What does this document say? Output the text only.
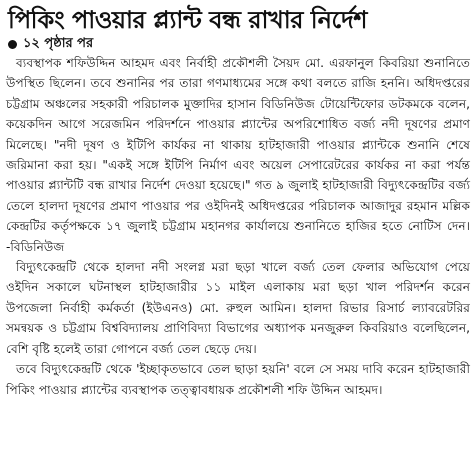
পিকিং পাওয়ার প্ল্যান্ট বন্ধ রাখার নির্দেশ
১২ পৃষ্ঠার পর

ব্যবস্থাপক শফিউদ্দিন আহমদ এবং নির্বাহী প্রকৌশলী সৈয়দ মো. এরফানুল কিবরিয়া শুনানিতে উপস্থিত ছিলেন। তবে শুনানির পর তারা গণমাধ্যমের সঙ্গে কথা বলতে রাজি হননি। অধিদপ্তরের চট্টগ্রাম অঞ্চলের সহকারী পরিচালক মুক্তাদির হাসান বিডিনিউজ টোয়েন্টিফোর ডটকমকে বলেন, কয়েকদিন আগে সরেজমিন পরিদর্শনে পাওয়ার প্ল্যান্টের অপরিশোধিত বর্জ্য নদী দূষণের প্রমাণ মিলেছে। "নদী দূষণ ও ইটিপি কার্যকর না থাকায় হাটহাজারী পাওয়ার প্ল্যান্টকে শুনানি শেষে জরিমানা করা হয়। "একই সঙ্গে ইটিপি নির্মাণ এবং অয়েল সেপারেটরের কার্যকর না করা পর্যন্ত পাওয়ার প্ল্যান্টটি বন্ধ রাখার নির্দেশ দেওয়া হয়েছে।" গত ৯ জুলাই হাটহাজারী বিদ্যুৎকেন্দ্রটির বর্জ্য তেলে হালদা দূষণের প্রমাণ পাওয়ার পর ওইদিনই অধিদপ্তরের পরিচালক আজাদুর রহমান মল্লিক কেন্দ্রটির কর্তৃপক্ষকে ১৭ জুলাই চট্টগ্রাম মহানগর কার্যালয়ে শুনানিতে হাজির হতে নোটিস দেন। -বিডিনিউজ

বিদ্যুৎকেন্দ্রটি থেকে হালদা নদী সংলগ্ন মরা ছড়া খালে বর্জ্য তেল ফেলার অভিযোগ পেয়ে ওইদিন সকালে ঘটনাস্থল হাটহাজারীর ১১ মাইল এলাকায় মরা ছড়া খাল পরিদর্শন করেন উপজেলা নির্বাহী কর্মকর্তা (ইউএনও) মো. রুহুল আমিন। হালদা রিভার রিসার্চ ল্যাবরেটরির সমন্বয়ক ও চট্টগ্রাম বিশ্ববিদ্যালয় প্রাণিবিদ্যা বিভাগের অধ্যাপক মনজুরুল কিবরিয়াও বলেছিলেন, বেশি বৃষ্টি হলেই তারা গোপনে বর্জ্য তেল ছেড়ে দেয়।

তবে বিদ্যুৎকেন্দ্রটি থেকে 'ইচ্ছাকৃতভাবে তেল ছাড়া হয়নি' বলে সে সময় দাবি করেন হাটহাজারী পিকিং পাওয়ার প্ল্যান্টের ব্যবস্থাপক তত্ত্বাবধায়ক প্রকৌশলী শফি উদ্দিন আহমদ।
